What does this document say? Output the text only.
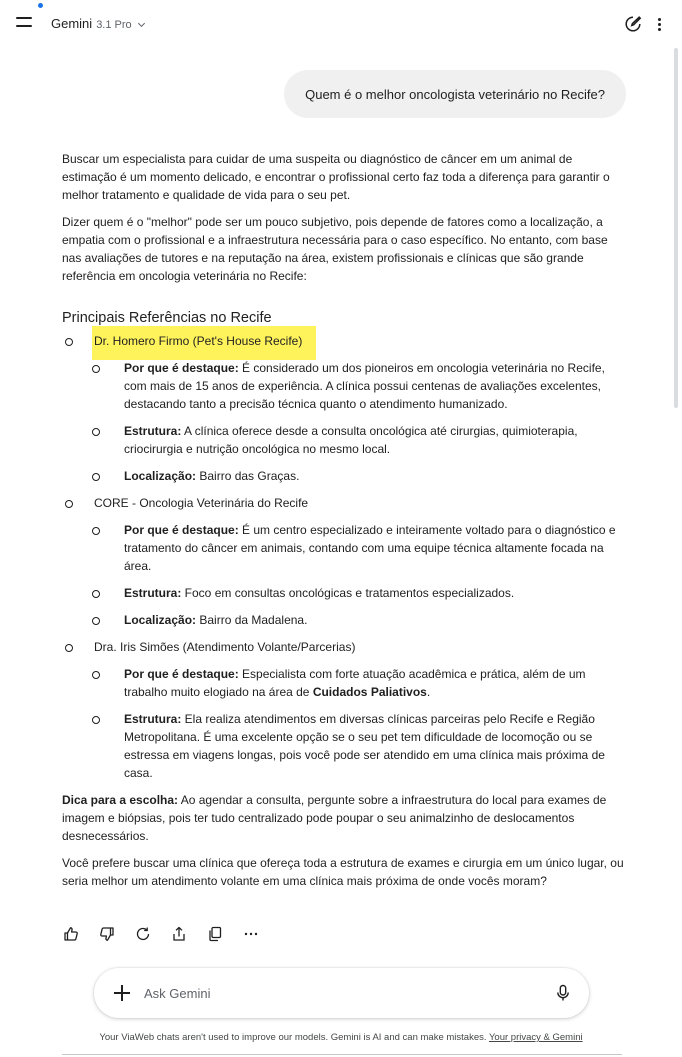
Gemini 3.1 Pro
Quem é o melhor oncologista veterinário no Recife?

Buscar um especialista para cuidar de uma suspeita ou diagnóstico de câncer em um animal de estimação é um momento delicado, e encontrar o profissional certo faz toda a diferença para garantir o melhor tratamento e qualidade de vida para o seu pet.

Dizer quem é o "melhor" pode ser um pouco subjetivo, pois depende de fatores como a localização, a empatia com o profissional e a infraestrutura necessária para o caso específico. No entanto, com base nas avaliações de tutores e na reputação na área, existem profissionais e clínicas que são grande referência em oncologia veterinária no Recife:

Principais Referências no Recife
Dr. Homero Firmo (Pet's House Recife)
Por que é destaque: É considerado um dos pioneiros em oncologia veterinária no Recife, com mais de 15 anos de experiência. A clínica possui centenas de avaliações excelentes, destacando tanto a precisão técnica quanto o atendimento humanizado.
Estrutura: A clínica oferece desde a consulta oncológica até cirurgias, quimioterapia, criocirurgia e nutrição oncológica no mesmo local.
Localização: Bairro das Graças.
CORE - Oncologia Veterinária do Recife
Por que é destaque: É um centro especializado e inteiramente voltado para o diagnóstico e tratamento do câncer em animais, contando com uma equipe técnica altamente focada na área.
Estrutura: Foco em consultas oncológicas e tratamentos especializados.
Localização: Bairro da Madalena.
Dra. Iris Simões (Atendimento Volante/Parcerias)
Por que é destaque: Especialista com forte atuação acadêmica e prática, além de um trabalho muito elogiado na área de Cuidados Paliativos.
Estrutura: Ela realiza atendimentos em diversas clínicas parceiras pelo Recife e Região Metropolitana. É uma excelente opção se o seu pet tem dificuldade de locomoção ou se estressa em viagens longas, pois você pode ser atendido em uma clínica mais próxima de casa.

Dica para a escolha: Ao agendar a consulta, pergunte sobre a infraestrutura do local para exames de imagem e biópsias, pois ter tudo centralizado pode poupar o seu animalzinho de deslocamentos desnecessários.

Você prefere buscar uma clínica que ofereça toda a estrutura de exames e cirurgia em um único lugar, ou seria melhor um atendimento volante em uma clínica mais próxima de onde vocês moram?

Ask Gemini
Your ViaWeb chats aren't used to improve our models. Gemini is AI and can make mistakes. Your privacy & Gemini
